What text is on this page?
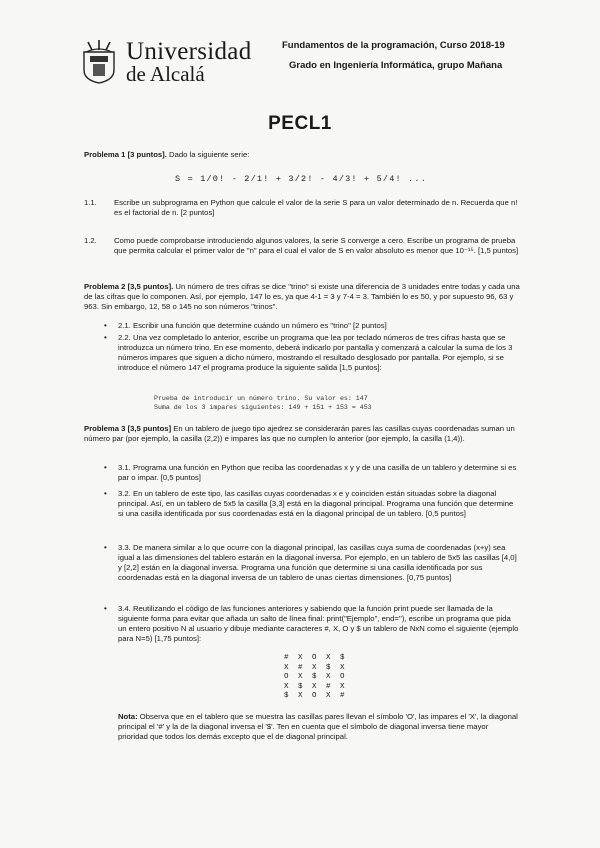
Universidad
de Alcalá
Fundamentos de la programación, Curso 2018-19
Grado en Ingeniería Informática, grupo Mañana
PECL1
Problema 1 [3 puntos]. Dado la siguiente serie:
S = 1/0! - 2/1! + 3/2! - 4/3! + 5/4! ...
1.1. Escribe un subprograma en Python que calcule el valor de la serie S para un valor determinado de n. Recuerda que n! es el factorial de n. [2 puntos]
1.2. Como puede comprobarse introduciendo algunos valores, la serie S converge a cero. Escribe un programa de prueba que permita calcular el primer valor de "n" para el cual el valor de S en valor absoluto es menor que 10⁻¹⁵. [1,5 puntos]
Problema 2 [3,5 puntos]. Un número de tres cifras se dice "trino" si existe una diferencia de 3 unidades entre todas y cada una de las cifras que lo componen. Así, por ejemplo, 147 lo es, ya que 4-1 = 3 y 7-4 = 3. También lo es 50, y por supuesto 96, 63 y 963. Sin embargo, 12, 58 o 145 no son números "trinos".
• 2.1. Escribir una función que determine cuándo un número es "trino" [2 puntos]
• 2.2. Una vez completado lo anterior, escribe un programa que lea por teclado números de tres cifras hasta que se introduzca un número trino. En ese momento, deberá indicarlo por pantalla y comenzará a calcular la suma de los 3 números impares que siguen a dicho número, mostrando el resultado desglosado por pantalla. Por ejemplo, si se introduce el número 147 el programa produce la siguiente salida [1,5 puntos]:
Prueba de introducir un número trino. Su valor es: 147
Suma de los 3 impares siguientes: 149 + 151 + 153 = 453
Problema 3 [3,5 puntos] En un tablero de juego tipo ajedrez se considerarán pares las casillas cuyas coordenadas suman un número par (por ejemplo, la casilla (2,2)) e impares las que no cumplen lo anterior (por ejemplo, la casilla (1,4)).
• 3.1. Programa una función en Python que reciba las coordenadas x y y de una casilla de un tablero y determine si es par o impar. [0,5 puntos]
• 3.2. En un tablero de este tipo, las casillas cuyas coordenadas x e y coinciden están situadas sobre la diagonal principal. Así, en un tablero de 5x5 la casilla [3,3] está en la diagonal principal. Programa una función que determine si una casilla identificada por sus coordenadas está en la diagonal principal de un tablero. [0,5 puntos]
• 3.3. De manera similar a lo que ocurre con la diagonal principal, las casillas cuya suma de coordenadas (x+y) sea igual a las dimensiones del tablero estarán en la diagonal inversa. Por ejemplo, en un tablero de 5x5 las casillas [4,0] y [2,2] están en la diagonal inversa. Programa una función que determine si una casilla identificada por sus coordenadas está en la diagonal inversa de un tablero de unas ciertas dimensiones. [0,75 puntos]
• 3.4. Reutilizando el código de las funciones anteriores y sabiendo que la función print puede ser llamada de la siguiente forma para evitar que añada un salto de línea final: print("Ejemplo", end=''), escribe un programa que pida un entero positivo N al usuario y dibuje mediante caracteres #, X, O y $ un tablero de NxN como el siguiente (ejemplo para N=5) [1,75 puntos]:
# X O X $
X # X $ X
O X $ X O
X $ X # X
$ X O X #
Nota: Observa que en el tablero que se muestra las casillas pares llevan el símbolo 'O', las impares el 'X', la diagonal principal el '#' y la de la diagonal inversa el '$'. Ten en cuenta que el símbolo de diagonal inversa tiene mayor prioridad que todos los demás excepto que el de diagonal principal.
